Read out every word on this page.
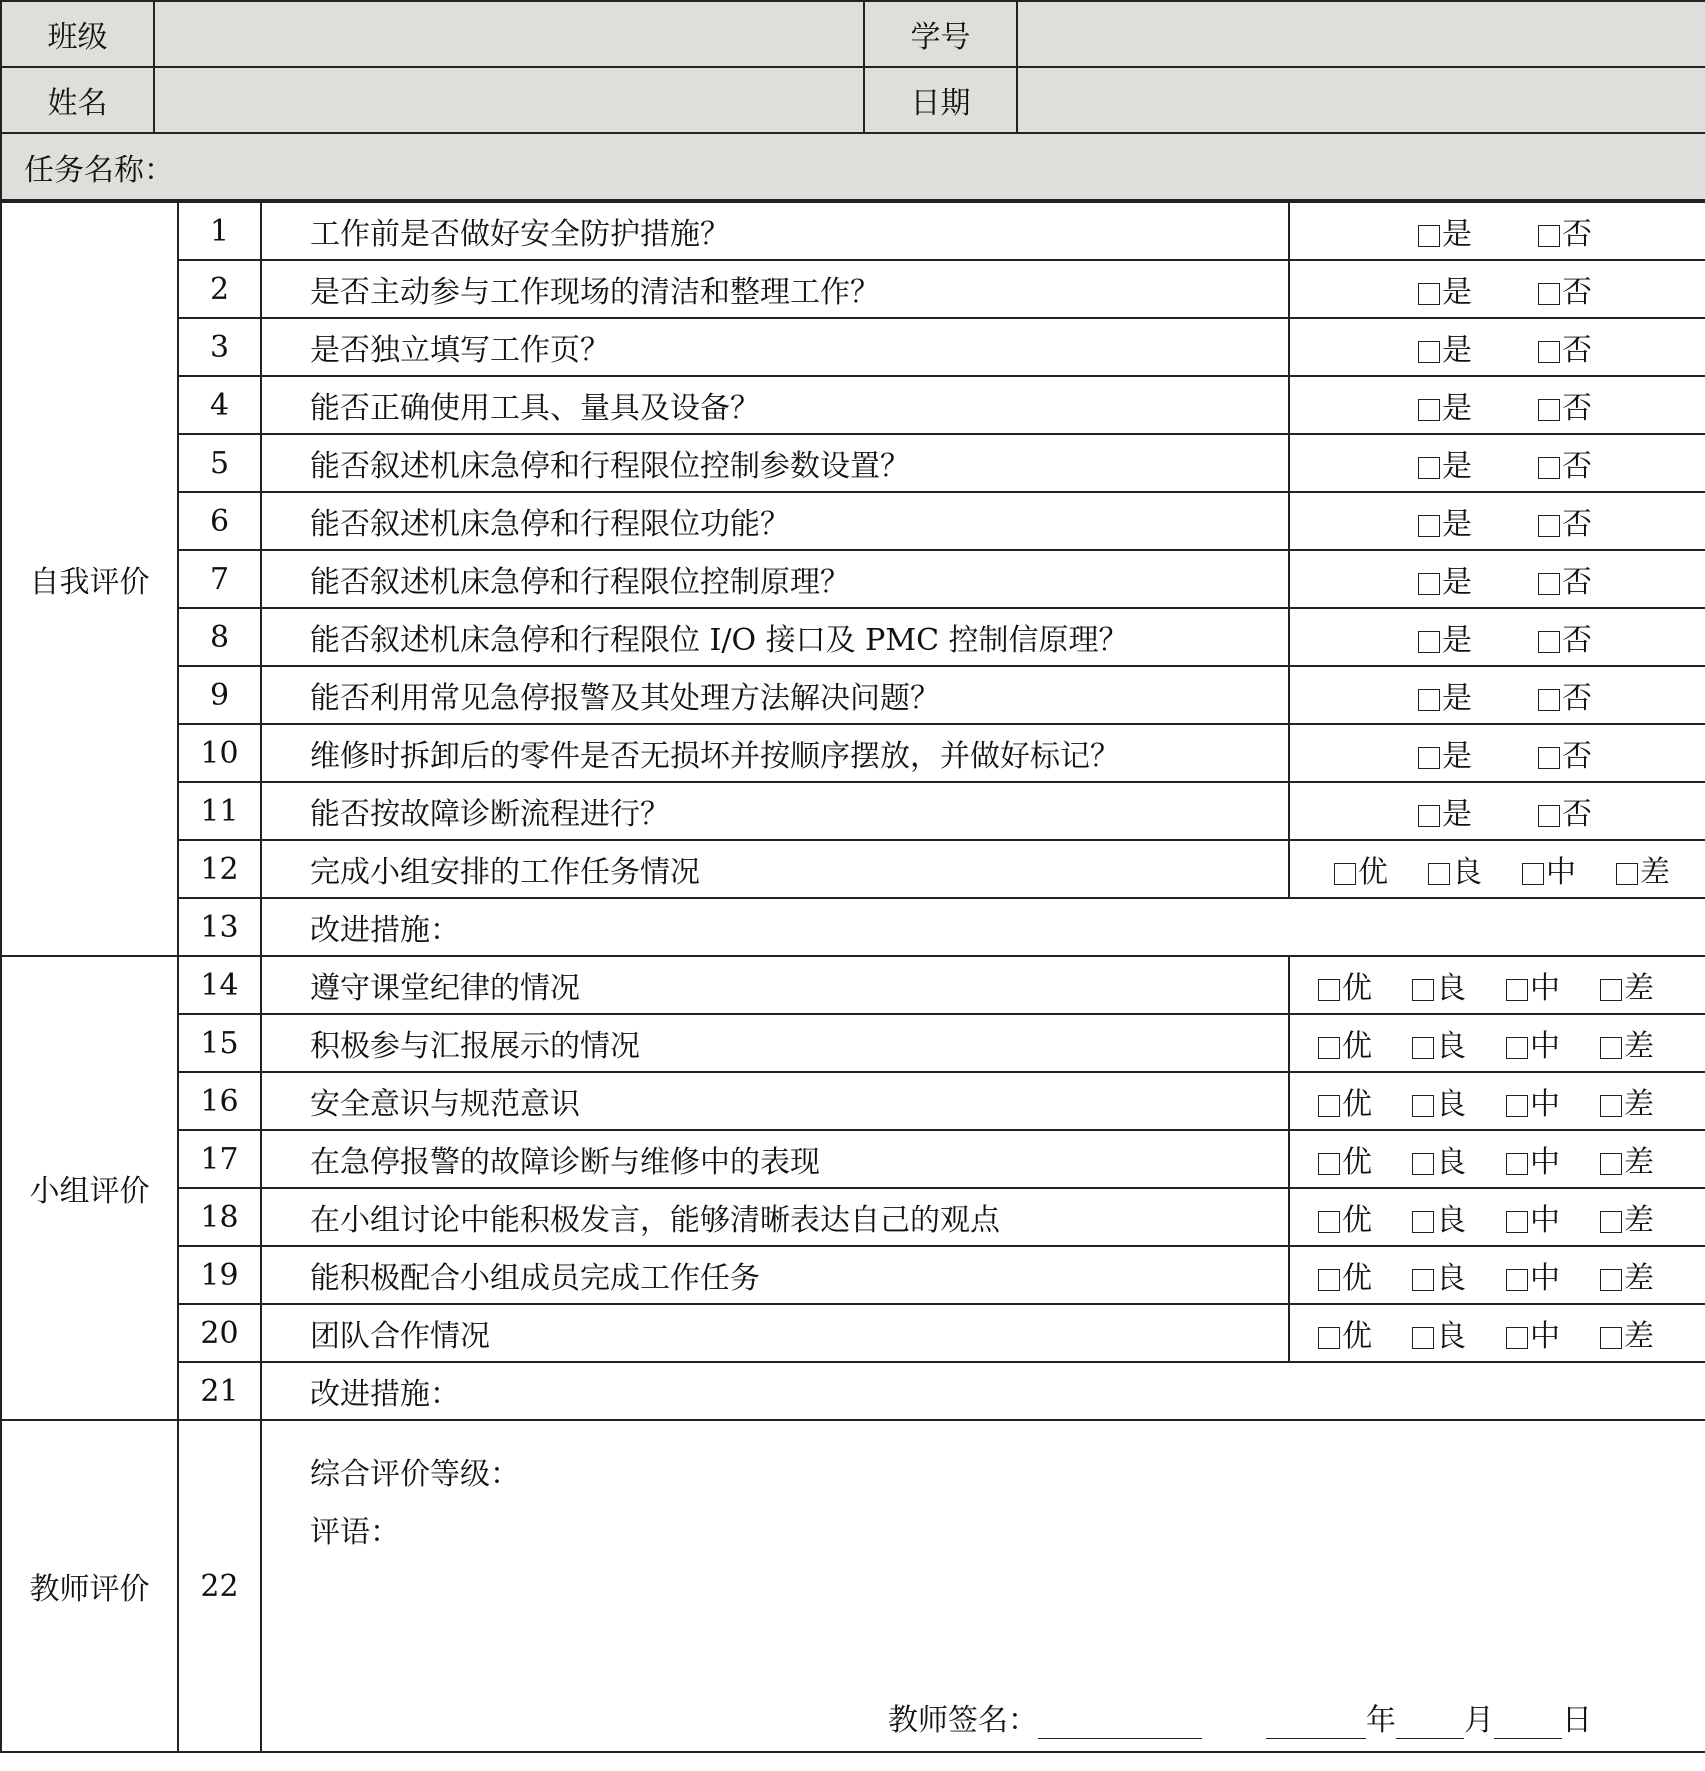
班级		学号	
姓名		日期	
任务名称：			
自我评价	1	工作前是否做好安全防护措施？	是 否
	2	是否主动参与工作现场的清洁和整理工作？	是 否
	3	是否独立填写工作页？	是 否
	4	能否正确使用工具、量具及设备？	是 否
	5	能否叙述机床急停和行程限位控制参数设置？	是 否
	6	能否叙述机床急停和行程限位功能？	是 否
	7	能否叙述机床急停和行程限位控制原理？	是 否
	8	能否叙述机床急停和行程限位 I/O 接口及 PMC 控制信原理？	是 否
	9	能否利用常见急停报警及其处理方法解决问题？	是 否
	10	维修时拆卸后的零件是否无损坏并按顺序摆放，并做好标记？	是 否
	11	能否按故障诊断流程进行？	是 否
	12	完成小组安排的工作任务情况	优 良 中 差
	13	改进措施：	
小组评价	14	遵守课堂纪律的情况	优 良 中 差
	15	积极参与汇报展示的情况	优 良 中 差
	16	安全意识与规范意识	优 良 中 差
	17	在急停报警的故障诊断与维修中的表现	优 良 中 差
	18	在小组讨论中能积极发言，能够清晰表达自己的观点	优 良 中 差
	19	能积极配合小组成员完成工作任务	优 良 中 差
	20	团队合作情况	优 良 中 差
	21	改进措施：	
教师评价	22	综合评价等级：
评语：
教师签名： 年 月 日	
